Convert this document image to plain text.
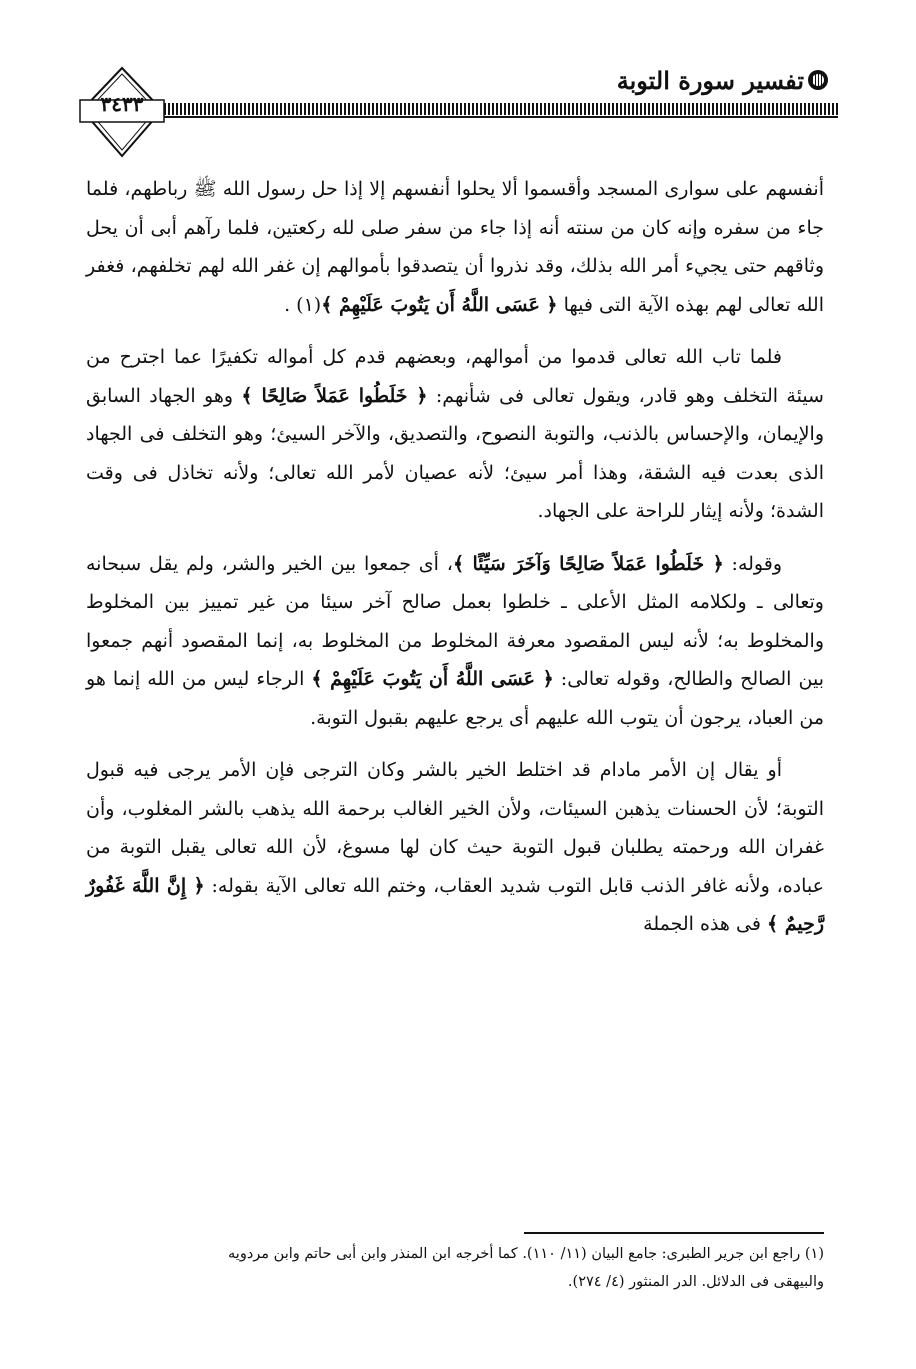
تفسير سورة التوبة
٣٤٣٣

أنفسهم على سوارى المسجد وأقسموا ألا يحلوا أنفسهم إلا إذا حل رسول الله ﷺ رباطهم، فلما جاء من سفره وإنه كان من سنته أنه إذا جاء من سفر صلى لله ركعتين، فلما رآهم أبى أن يحل وثاقهم حتى يجيء أمر الله بذلك، وقد نذروا أن يتصدقوا بأموالهم إن غفر الله لهم تخلفهم، فغفر الله تعالى لهم بهذه الآية التى فيها ﴿ عَسَى اللَّهُ أَن يَتُوبَ عَلَيْهِمْ ﴾(١) .

فلما تاب الله تعالى قدموا من أموالهم، وبعضهم قدم كل أمواله تكفيرًا عما اجترح من سيئة التخلف وهو قادر، ويقول تعالى فى شأنهم: ﴿ خَلَطُوا عَمَلاً صَالِحًا ﴾ وهو الجهاد السابق والإيمان، والإحساس بالذنب، والتوبة النصوح، والتصديق، والآخر السيئ؛ وهو التخلف فى الجهاد الذى بعدت فيه الشقة، وهذا أمر سيئ؛ لأنه عصيان لأمر الله تعالى؛ ولأنه تخاذل فى وقت الشدة؛ ولأنه إيثار للراحة على الجهاد.

وقوله: ﴿ خَلَطُوا عَمَلاً صَالِحًا وَآخَرَ سَيِّئًا ﴾، أى جمعوا بين الخير والشر، ولم يقل سبحانه وتعالى ـ ولكلامه المثل الأعلى ـ خلطوا بعمل صالح آخر سيئا من غير تمييز بين المخلوط والمخلوط به؛ لأنه ليس المقصود معرفة المخلوط من المخلوط به، إنما المقصود أنهم جمعوا بين الصالح والطالح، وقوله تعالى: ﴿ عَسَى اللَّهُ أَن يَتُوبَ عَلَيْهِمْ ﴾ الرجاء ليس من الله إنما هو من العباد، يرجون أن يتوب الله عليهم أى يرجع عليهم بقبول التوبة.

أو يقال إن الأمر مادام قد اختلط الخير بالشر وكان الترجى فإن الأمر يرجى فيه قبول التوبة؛ لأن الحسنات يذهبن السيئات، ولأن الخير الغالب برحمة الله يذهب بالشر المغلوب، وأن غفران الله ورحمته يطلبان قبول التوبة حيث كان لها مسوغ، لأن الله تعالى يقبل التوبة من عباده، ولأنه غافر الذنب قابل التوب شديد العقاب، وختم الله تعالى الآية بقوله: ﴿ إِنَّ اللَّهَ غَفُورٌ رَّحِيمٌ ﴾ فى هذه الجملة

(١) راجع ابن جرير الطبرى: جامع البيان (١١/ ١١٠). كما أخرجه ابن المنذر وابن أبى حاتم وابن مردويه

والبيهقى فى الدلائل. الدر المنثور (٤/ ٢٧٤).
